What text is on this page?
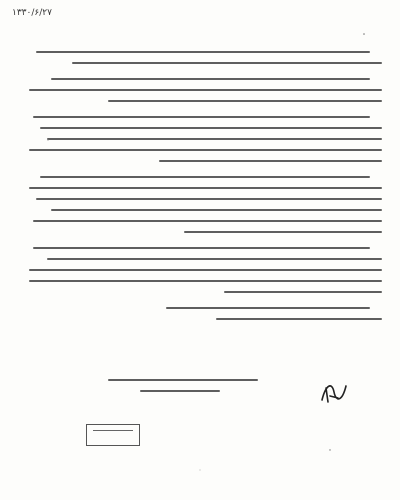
۱۳۳۰/۶/۲۷
